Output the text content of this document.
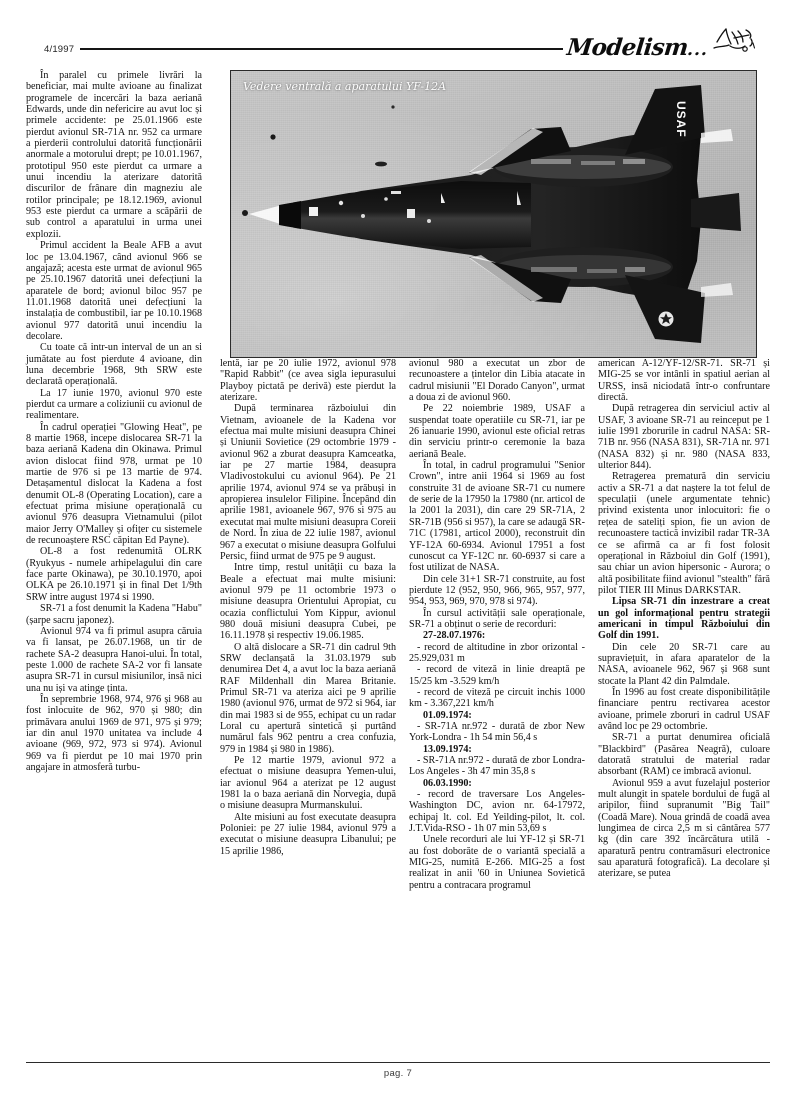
4/1997	Modelism...
USAF
Vedere ventrală a aparatului YF-12A

În paralel cu primele livrări la beneficiar, mai multe avioane au finalizat programele de incercări la baza aeriană Edwards, unde din nefericire au avut loc și primele accidente: pe 25.01.1966 este pierdut avionul SR-71A nr. 952 ca urmare a pierderii controlului datorită funcționării anormale a motorului drept; pe 10.01.1967, prototipul 950 este pierdut ca urmare a unui incendiu la aterizare datorită discurilor de frânare din magneziu ale rotilor principale; pe 18.12.1969, avionul 953 este pierdut ca urmare a scăpării de sub control a aparatului in urma unei explozii.

Primul accident la Beale AFB a avut loc pe 13.04.1967, când avionul 966 se angajază; acesta este urmat de avionul 965 pe 25.10.1967 datorită unei defecțiuni la aparatele de bord; avionul biloc 957 pe 11.01.1968 datorită unei defecțiuni la instalația de combustibil, iar pe 10.10.1968 avionul 977 datorită unui incendiu la decolare.

Cu toate că intr-un interval de un an si jumătate au fost pierdute 4 avioane, din luna decembrie 1968, 9th SRW este declarată operațională.

La 17 iunie 1970, avionul 970 este pierdut ca urmare a coliziunii cu avionul de realimentare.

În cadrul operației "Glowing Heat", pe 8 martie 1968, incepe dislocarea SR-71 la baza aeriană Kadena din Okinawa. Primul avion dislocat fiind 978, urmat pe 10 martie de 976 si pe 13 martie de 974. Detașamentul dislocat la Kadena a fost denumit OL-8 (Operating Location), care a efectuat prima misiune operațională cu avionul 976 deasupra Vietnamului (pilot maior Jerry O'Malley și ofițer cu sistemele de recunoaștere RSC căpitan Ed Payne).

OL-8 a fost redenumită OLRK (Ryukyus - numele arhipelagului din care face parte Okinawa), pe 30.10.1970, apoi OLKA pe 26.10.1971 și in final Det 1/9th SRW intre august 1974 si 1990.

SR-71 a fost denumit la Kadena "Habu" (șarpe sacru japonez).

Avionul 974 va fi primul asupra căruia va fi lansat, pe 26.07.1968, un tir de rachete SA-2 deasupra Hanoi-ului. În total, peste 1.000 de rachete SA-2 vor fi lansate asupra SR-71 in cursul misiunilor, insă nici una nu iși va atinge ținta.

În seprembrie 1968, 974, 976 și 968 au fost inlocuite de 962, 970 și 980; din primăvara anului 1969 de 971, 975 și 979; iar din anul 1970 unitatea va include 4 avioane (969, 972, 973 si 974). Avionul 969 va fi pierdut pe 10 mai 1970 prin angajare in atmosferă turbu-

lentă, iar pe 20 iulie 1972, avionul 978 "Rapid Rabbit" (ce avea sigla iepurasului Playboy pictată pe derivă) este pierdut la aterizare.

După terminarea războiului din Vietnam, avioanele de la Kadena vor efectua mai multe misiuni deasupra Chinei și Uniunii Sovietice (29 octombrie 1979 - avionul 962 a zburat deasupra Kamceatka, iar pe 27 martie 1984, deasupra Vladivostokului cu avionul 964). Pe 21 aprilie 1974, avionul 974 se va prăbuși in apropierea insulelor Filipine. Începând din aprilie 1981, avioanele 967, 976 si 975 au executat mai multe misiuni deasupra Coreii de Nord. În ziua de 22 iulie 1987, avionul 967 a executat o misiune deasupra Golfului Persic, fiind urmat de 975 pe 9 august.

Intre timp, restul unității cu baza la Beale a efectuat mai multe misiuni: avionul 979 pe 11 octombrie 1973 o misiune deasupra Orientului Apropiat, cu ocazia conflictului Yom Kippur, avionul 980 două misiuni deasupra Cubei, pe 16.11.1978 și respectiv 19.06.1985.

O altă dislocare a SR-71 din cadrul 9th SRW declanșată la 31.03.1979 sub denumirea Det 4, a avut loc la baza aeriană RAF Mildenhall din Marea Britanie. Primul SR-71 va ateriza aici pe 9 aprilie 1980 (avionul 976, urmat de 972 si 964, iar din mai 1983 si de 955, echipat cu un radar Loral cu apertură sintetică și purtând numărul fals 962 pentru a crea confuzia, 979 in 1984 și 980 in 1986).

Pe 12 martie 1979, avionul 972 a efectuat o misiune deasupra Yemen-ului, iar avionul 964 a aterizat pe 12 august 1981 la o baza aeriană din Norvegia, după o misiune deasupra Murmanskului.

Alte misiuni au fost executate deasupra Poloniei: pe 27 iulie 1984, avionul 979 a executat o misiune deasupra Libanului; pe 15 aprilie 1986,

avionul 980 a executat un zbor de recunoastere a țintelor din Libia atacate in cadrul misiunii "El Dorado Canyon", urmat a doua zi de avionul 960.

Pe 22 noiembrie 1989, USAF a suspendat toate operatiile cu SR-71, iar pe 26 ianuarie 1990, avionul este oficial retras din serviciu printr-o ceremonie la baza aeriană Beale.

În total, in cadrul programului "Senior Crown", intre anii 1964 si 1969 au fost construite 31 de avioane SR-71 cu numere de serie de la 17950 la 17980 (nr. articol de la 2001 la 2031), din care 29 SR-71A, 2 SR-71B (956 si 957), la care se adaugă SR-71C (17981, articol 2000), reconstruit din YF-12A 60-6934. Avionul 17951 a fost cunoscut ca YF-12C nr. 60-6937 si care a fost utilizat de NASA.

Din cele 31+1 SR-71 construite, au fost pierdute 12 (952, 950, 966, 965, 957, 977, 954, 953, 969, 970, 978 si 974).

În cursul activității sale operaționale, SR-71 a obținut o serie de recorduri:

27-28.07.1976:

- record de altitudine in zbor orizontal - 25.929,031 m

- record de viteză in linie dreaptă pe 15/25 km -3.529 km/h

- record de viteză pe circuit inchis 1000 km - 3.367,221 km/h

01.09.1974:

- SR-71A nr.972 - durată de zbor New York-Londra - 1h 54 min 56,4 s

13.09.1974:

- SR-71A nr.972 - durată de zbor Londra-Los Angeles - 3h 47 min 35,8 s

06.03.1990:

- record de traversare Los Angeles-Washington DC, avion nr. 64-17972, echipaj lt. col. Ed Yeilding-pilot, lt. col. J.T.Vida-RSO - 1h 07 min 53,69 s

Unele recorduri ale lui YF-12 și SR-71 au fost doborăte de o variantă specială a MIG-25, numită E-266. MIG-25 a fost realizat in anii '60 in Uniunea Sovietică pentru a contracara programul

american A-12/YF-12/SR-71. SR-71 și MIG-25 se vor intânli in spatiul aerian al URSS, insă niciodată într-o confruntare directă.

După retragerea din serviciul activ al USAF, 3 avioane SR-71 au reinceput pe 1 iulie 1991 zborurile in cadrul NASA: SR-71B nr. 956 (NASA 831), SR-71A nr. 971 (NASA 832) și nr. 980 (NASA 833, ulterior 844).

Retragerea prematură din serviciu activ a SR-71 a dat naștere la tot felul de speculații (unele argumentate tehnic) privind existenta unor inlocuitori: fie o rețea de sateliți spion, fie un avion de recunoastere tactică invizibil radar TR-3A ce se afirmă ca ar fi fost folosit operațional in Războiul din Golf (1991), sau chiar un avion hipersonic - Aurora; o altă posibilitate fiind avionul "stealth" fără pilot TIER III Minus DARKSTAR.

Lipsa SR-71 din inzestrare a creat un gol informațional pentru strategii americani in timpul Războiului din Golf din 1991.

Din cele 20 SR-71 care au supraviețuit, in afara aparatelor de la NASA, avioanele 962, 967 și 968 sunt stocate la Plant 42 din Palmdale.

În 1996 au fost create disponibilitățile financiare pentru rectivarea acestor avioane, primele zboruri in cadrul USAF având loc pe 29 octombrie.

SR-71 a purtat denumirea oficială "Blackbird" (Pasărea Neagră), culoare datorată stratului de material radar absorbant (RAM) ce imbracă avionul.

Avionul 959 a avut fuzelajul posterior mult alungit in spatele bordului de fugă al aripilor, fiind supranumit "Big Tail" (Coadă Mare). Noua grindă de coadă avea lungimea de circa 2,5 m si cântărea 577 kg (din care 392 încărcătura utilă - aparatură pentru contramăsuri electronice sau aparatură fotografică). La decolare și aterizare, se putea

pag. 7
